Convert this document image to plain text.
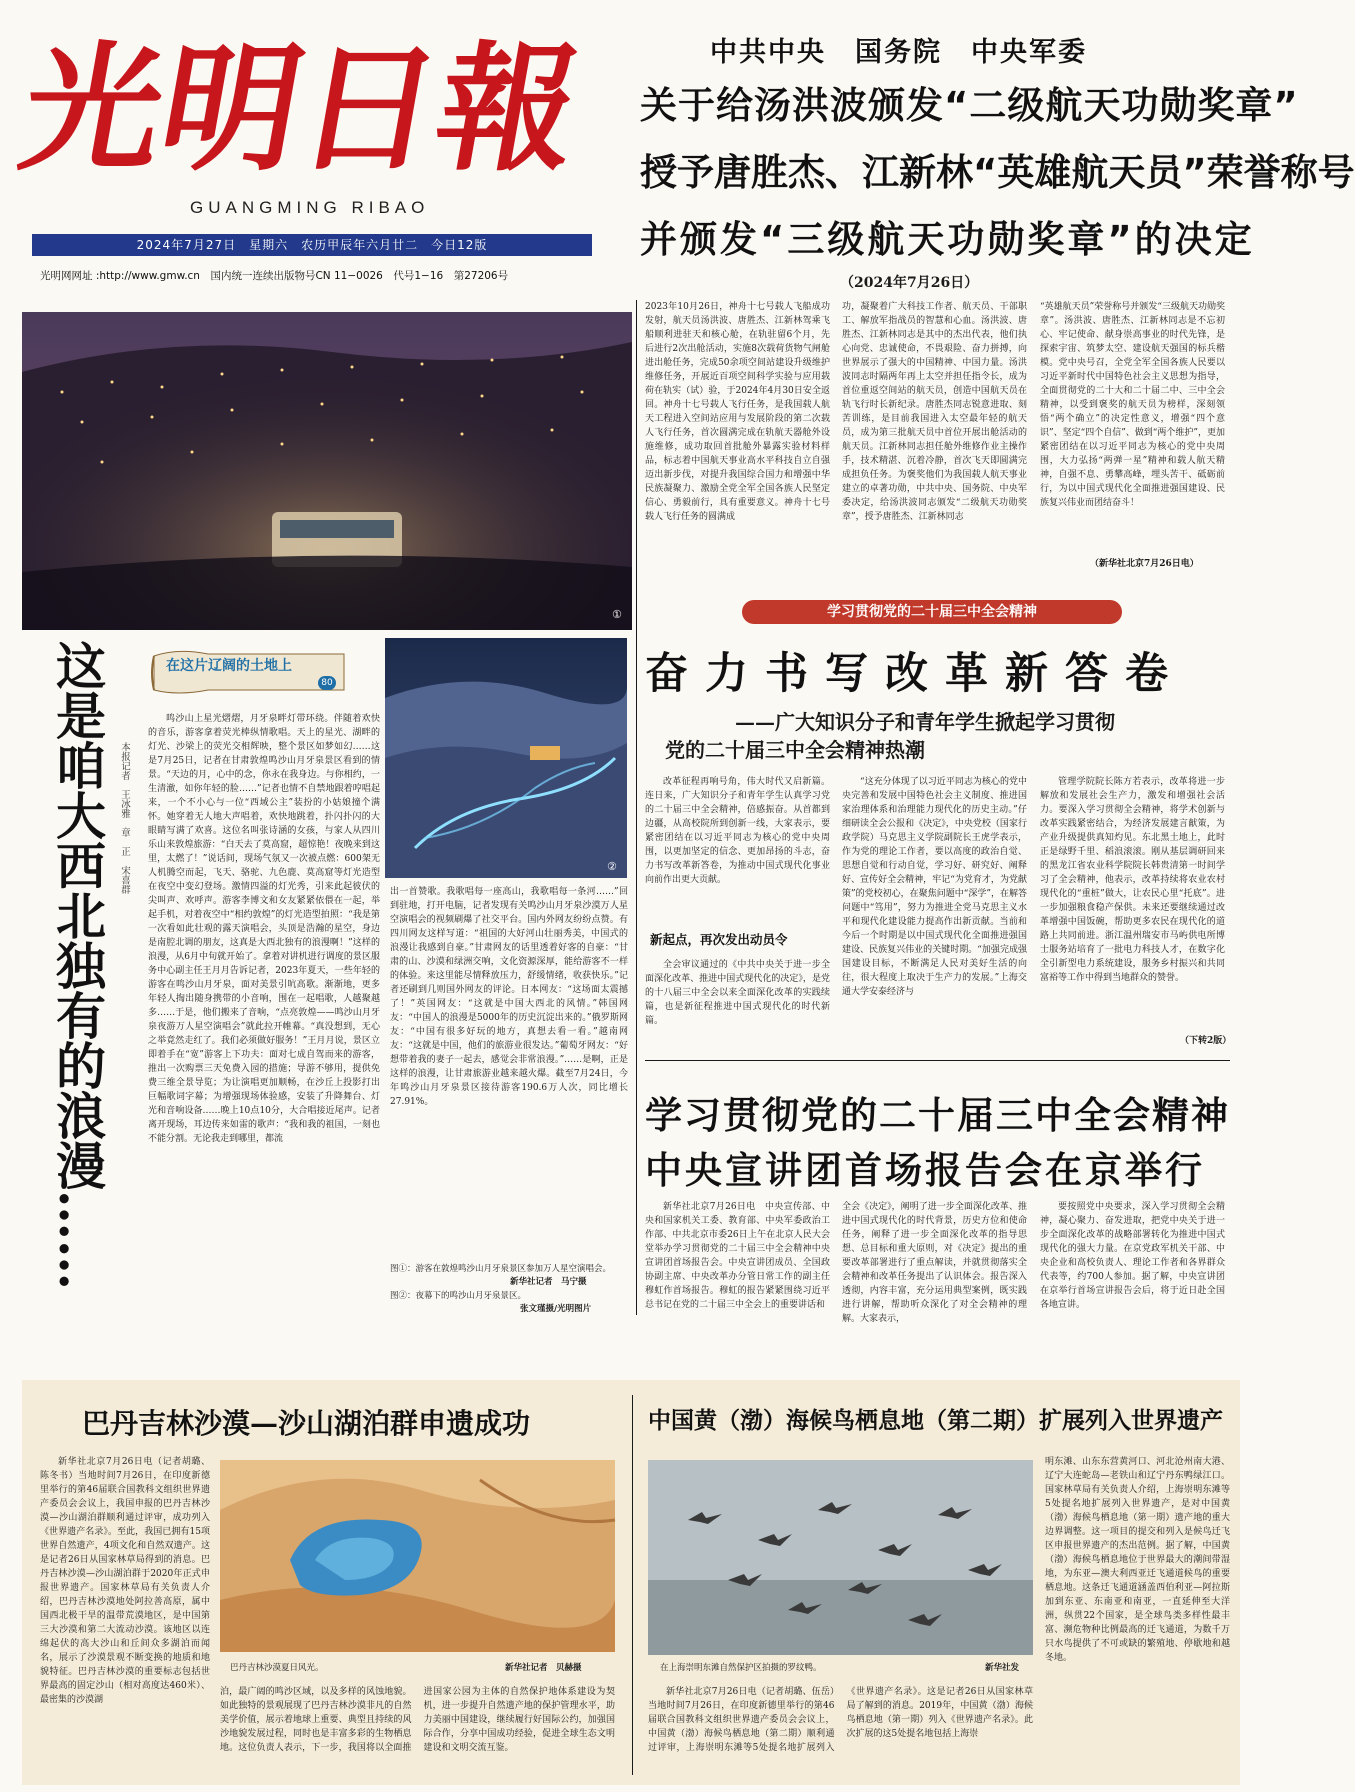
光明日報
GUANGMING RIBAO
2024年7月27日　星期六　农历甲辰年六月廿二　今日12版
光明网网址 :http://www.gmw.cn　国内统一连续出版物号CN 11−0026　代号1−16　第27206号
中共中央　国务院　中央军委
关于给汤洪波颁发“二级航天功勋奖章”
授予唐胜杰、江新林“英雄航天员”荣誉称号
并颁发“三级航天功勋奖章”的决定
（2024年7月26日）
2023年10月26日，神舟十七号载人飞船成功发射，航天员汤洪波、唐胜杰、江新林驾乘飞船顺利进驻天和核心舱，在轨驻留6个月，先后进行2次出舱活动，实施8次载荷货物气闸舱进出舱任务，完成50余项空间站建设升级维护维修任务，开展近百项空间科学实验与应用载荷在轨实（试）验，于2024年4月30日安全返回。神舟十七号载人飞行任务，是我国载人航天工程进入空间站应用与发展阶段的第二次载人飞行任务，首次圆满完成在轨航天器舱外设施维修，成功取回首批舱外暴露实验材料样品，标志着中国航天事业高水平科技自立自强迈出新步伐，对提升我国综合国力和增强中华民族凝聚力、激励全党全军全国各族人民坚定信心、勇毅前行，具有重要意义。神舟十七号载人飞行任务的圆满成
功，凝聚着广大科技工作者、航天员、干部职工、解放军指战员的智慧和心血。汤洪波、唐胜杰、江新林同志是其中的杰出代表，他们执心向党、忠诚使命，不畏艰险、奋力拼搏，向世界展示了强大的中国精神、中国力量。汤洪波同志时隔两年再上太空并担任指令长，成为首位重返空间站的航天员，创造中国航天员在轨飞行时长新纪录。唐胜杰同志锐意进取、刻苦训练，是目前我国进入太空最年轻的航天员，成为第三批航天员中首位开展出舱活动的航天员。江新林同志担任舱外维修作业主操作手，技术精湛、沉着冷静，首次飞天即圆满完成担负任务。为褒奖他们为我国载人航天事业建立的卓著功勋，中共中央、国务院、中央军委决定，给汤洪波同志颁发“二级航天功勋奖章”，授予唐胜杰、江新林同志
“英雄航天员”荣誉称号并颁发“三级航天功勋奖章”。汤洪波、唐胜杰、江新林同志是不忘初心、牢记使命、献身崇高事业的时代先锋，是探索宇宙、筑梦太空、建设航天强国的标兵楷模。党中央号召，全党全军全国各族人民要以习近平新时代中国特色社会主义思想为指导，全面贯彻党的二十大和二十届二中、三中全会精神，以受到褒奖的航天员为榜样，深刻领悟“两个确立”的决定性意义，增强“四个意识”、坚定“四个自信”、做到“两个维护”，更加紧密团结在以习近平同志为核心的党中央周围，大力弘扬“两弹一星”精神和载人航天精神，自强不息、勇攀高峰，埋头苦干、砥砺前行，为以中国式现代化全面推进强国建设、民族复兴伟业而团结奋斗！
（新华社北京7月26日电）
①
这是咱大西北独有的浪漫…… 本报记者　王冰雅　章　正　宋喜群
在这片辽阔的土地上
80
②
鸣沙山上星光熠熠，月牙泉畔灯带环绕。伴随着欢快的音乐，游客拿着荧光棒纵情歌唱。天上的星光、湖畔的灯光、沙梁上的荧光交相辉映，整个景区如梦如幻……这是7月25日，记者在甘肃敦煌鸣沙山月牙泉景区看到的情景。“天边的月，心中的念，你永在我身边。与你相约，一生清澈，如你年轻的脸……”记者也情不自禁地跟着哼唱起来，一个不小心与一位“西域公主”装扮的小姑娘撞个满怀。她穿着无人地大声唱着，欢快地跳着，扑闪扑闪的大眼睛写满了欢喜。这位名叫张诗涵的女孩，与家人从四川乐山来敦煌旅游：“白天去了莫高窟，超惊艳！夜晚来到这里，太燃了！”说话间，现场气氛又一次被点燃：600架无人机腾空而起，飞天、骆驼、九色鹿、莫高窟等灯光造型在夜空中变幻登场。激情四溢的灯光秀，引来此起彼伏的尖叫声、欢呼声。游客李博文和女友紧紧依偎在一起，举起手机，对着夜空中“相约敦煌”的灯光造型拍照：“我是第一次看如此壮观的露天演唱会，头顶是浩瀚的星空，身边是南腔北调的朋友，这真是大西北独有的浪漫啊！”这样的浪漫，从6月中旬就开始了。拿着对讲机进行调度的景区服务中心副主任王月月告诉记者，2023年夏天，一些年轻的游客在鸣沙山月牙泉，面对美景引吭高歌。渐渐地，更多年轻人掏出随身携带的小音响，围在一起唱歌，人越聚越多……于是，他们搬来了音响，“点亮敦煌——鸣沙山月牙泉夜游万人星空演唱会”就此拉开帷幕。“真没想到，无心之举竟然走红了。我们必须做好服务！”王月月说，景区立即着手在“宽”游客上下功夫：面对七成自驾而来的游客，推出一次购票三天免费入园的措施；导游不够用，提供免费三维全景导览；为让演唱更加顺畅，在沙丘上投影打出巨幅歌词字幕；为增强现场体验感，安装了升降舞台、灯光和音响设备……晚上10点10分，大合唱接近尾声。记者离开现场，耳边传来如雷的歌声：“我和我的祖国，一刻也不能分割。无论我走到哪里，都流
出一首赞歌。我歌唱每一座高山，我歌唱每一条河……”回到驻地，打开电脑，记者发现有关鸣沙山月牙泉沙漠万人星空演唱会的视频刷爆了社交平台。国内外网友纷纷点赞。有四川网友这样写道：“祖国的大好河山壮丽秀美，中国式的浪漫让我感到自豪。”甘肃网友的话里透着好客的自豪：“甘肃的山、沙漠和绿洲交响，文化资源深厚，能给游客不一样的体验。来这里能尽情释放压力，舒缓情绪，收获快乐。”记者还刷到几则国外网友的评论。日本网友：“这场面太震撼了！”英国网友：“这就是中国大西北的风情。”韩国网友：“中国人的浪漫是5000年的历史沉淀出来的。”俄罗斯网友：“中国有很多好玩的地方，真想去看一看。”越南网友：“这就是中国，他们的旅游业很发达。”葡萄牙网友：“好想带着我的妻子一起去，感觉会非常浪漫。”……是啊，正是这样的浪漫，让甘肃旅游业越来越火爆。截至7月24日，今年鸣沙山月牙泉景区接待游客190.6万人次，同比增长27.91%。
图①：游客在敦煌鸣沙山月牙泉景区参加万人星空演唱会。
图②：夜幕下的鸣沙山月牙泉景区。
新华社记者　马宁摄
张文瑾摄/光明图片
学习贯彻党的二十届三中全会精神
奋力书写改革新答卷
——广大知识分子和青年学生掀起学习贯彻
党的二十届三中全会精神热潮
改革征程再响号角，伟大时代又启新篇。连日来，广大知识分子和青年学生认真学习党的二十届三中全会精神，倍感振奋。从首都到边疆，从高校院所到创新一线，大家表示，要紧密团结在以习近平同志为核心的党中央周围，以更加坚定的信念、更加昂扬的斗志，奋力书写改革新答卷，为推动中国式现代化事业向前作出更大贡献。
新起点，再次发出动员令
全会审议通过的《中共中央关于进一步全面深化改革、推进中国式现代化的决定》，是党的十八届三中全会以来全面深化改革的实践续篇，也是新征程推进中国式现代化的时代新篇。
“这充分体现了以习近平同志为核心的党中央完善和发展中国特色社会主义制度、推进国家治理体系和治理能力现代化的历史主动。”仔细研读全会公报和《决定》，中央党校（国家行政学院）马克思主义学院副院长王虎学表示，作为党的理论工作者，要以高度的政治自觉、思想自觉和行动自觉，学习好、研究好、阐释好、宣传好全会精神，牢记“为党育才，为党献策”的党校初心，在聚焦问题中“深学”，在解答问题中“笃用”，努力为推进全党马克思主义水平和现代化建设能力提高作出新贡献。当前和今后一个时期是以中国式现代化全面推进强国建设、民族复兴伟业的关键时期。“加强完成强国建设目标，不断满足人民对美好生活的向往，很大程度上取决于生产力的发展。”上海交通大学安泰经济与
管理学院院长陈方若表示，改革将进一步解放和发展社会生产力，激发和增强社会活力。要深入学习贯彻全会精神，将学术创新与改革实践紧密结合，为经济发展建言献策，为产业升级提供真知灼见。东北黑土地上，此时正是绿野千里、稻浪滚滚。刚从基层调研回来的黑龙江省农业科学院院长韩贵清第一时间学习了全会精神，他表示，改革持续将农业农村现代化的“重桩”做大，让农民心里“托底”。进一步加强粮食稳产保供。未来还要继续通过改革增强中国饭碗，帮助更多农民在现代化的道路上共同前进。浙江温州瑞安市马屿供电所博士服务站培育了一批电力科技人才，在数字化全引新型电力系统建设，服务乡村振兴和共同富裕等工作中得到当地群众的赞誉。
（下转2版）
学习贯彻党的二十届三中全会精神
中央宣讲团首场报告会在京举行
新华社北京7月26日电　中央宣传部、中央和国家机关工委、教育部、中央军委政治工作部、中共北京市委26日上午在北京人民大会堂举办学习贯彻党的二十届三中全会精神中央宣讲团首场报告会。中央宣讲团成员、全国政协副主席、中央改革办分管日常工作的副主任穆虹作首场报告。穆虹的报告紧紧围绕习近平总书记在党的二十届三中全会上的重要讲话和
全会《决定》，阐明了进一步全面深化改革、推进中国式现代化的时代背景，历史方位和使命任务，阐释了进一步全面深化改革的指导思想、总目标和重大原则，对《决定》提出的重要改革部署进行了重点解读，并就贯彻落实全会精神和改革任务提出了认识体会。报告深入透彻，内容丰富，充分运用典型案例，既实践进行讲解，帮助听众深化了对全会精神的理解。大家表示，
要按照党中央要求，深入学习贯彻全会精神，凝心聚力、奋发进取，把党中央关于进一步全面深化改革的战略部署转化为推进中国式现代化的强大力量。在京党政军机关干部、中央企业和高校负责人、理论工作者和各界群众代表等，约700人参加。据了解，中央宣讲团在京举行首场宣讲报告会后，将于近日赴全国各地宣讲。
巴丹吉林沙漠—沙山湖泊群申遗成功
新华社北京7月26日电（记者胡璐、陈冬书）当地时间7月26日，在印度新德里举行的第46届联合国教科文组织世界遗产委员会会议上，我国申报的巴丹吉林沙漠—沙山湖泊群顺利通过评审，成功列入《世界遗产名录》。至此，我国已拥有15项世界自然遗产，4项文化和自然双遗产。这是记者26日从国家林草局得到的消息。巴丹吉林沙漠—沙山湖泊群于2020年正式申报世界遗产。国家林草局有关负责人介绍，巴丹吉林沙漠地处阿拉善高原，属中国西北极干旱的温带荒漠地区，是中国第三大沙漠和第二大流动沙漠。该地区以连绵起伏的高大沙山和丘间众多湖泊而闻名，展示了沙漠景观不断变换的地质和地貌特征。巴丹吉林沙漠的重要标志包括世界最高的固定沙山（相对高度达460米）、最密集的沙漠湖
巴丹吉林沙漠夏日风光。	新华社记者　贝赫摄
泊，最广阔的鸣沙区域，以及多样的风蚀地貌。如此独特的景观展现了巴丹吉林沙漠非凡的自然美学价值，展示着地球上重要、典型且持续的风沙地貌发展过程，同时也是丰富多彩的生物栖息地。这位负责人表示，下一步，我国将以全面推进国家公园为主体的自然保护地体系建设为契机，进一步提升自然遗产地的保护管理水平，助力美丽中国建设，继续履行好国际公约，加强国际合作，分享中国成功经验，促进全球生态文明建设和文明交流互鉴。
中国黄（渤）海候鸟栖息地（第二期）扩展列入世界遗产
在上海崇明东滩自然保护区拍摄的罗纹鸭。	新华社发
新华社北京7月26日电（记者胡璐、伍岳）当地时间7月26日，在印度新德里举行的第46届联合国教科文组织世界遗产委员会会议上，中国黄（渤）海候鸟栖息地（第二期）顺利通过评审，上海崇明东滩等5处提名地扩展列入《世界遗产名录》。这是记者26日从国家林草局了解到的消息。2019年，中国黄（渤）海候鸟栖息地（第一期）列入《世界遗产名录》。此次扩展的这5处提名地包括上海崇
明东滩、山东东营黄河口、河北沧州南大港、辽宁大连蛇岛—老铁山和辽宁丹东鸭绿江口。国家林草局有关负责人介绍，上海崇明东滩等5处提名地扩展列入世界遗产，是对中国黄（渤）海候鸟栖息地（第一期）遗产地的重大边界调整。这一项目的提交和列入是候鸟迁飞区申报世界遗产的杰出范例。据了解，中国黄（渤）海候鸟栖息地位于世界最大的潮间带湿地，为东亚—澳大利西亚迁飞通道候鸟的重要栖息地。这条迁飞通道涵盖西伯利亚—阿拉斯加到东亚、东南亚和南亚，一直延伸至大洋洲，纵贯22个国家，是全球鸟类多样性最丰富、濒危物种比例最高的迁飞通道，为数千万只水鸟提供了不可或缺的繁殖地、停歇地和越冬地。
